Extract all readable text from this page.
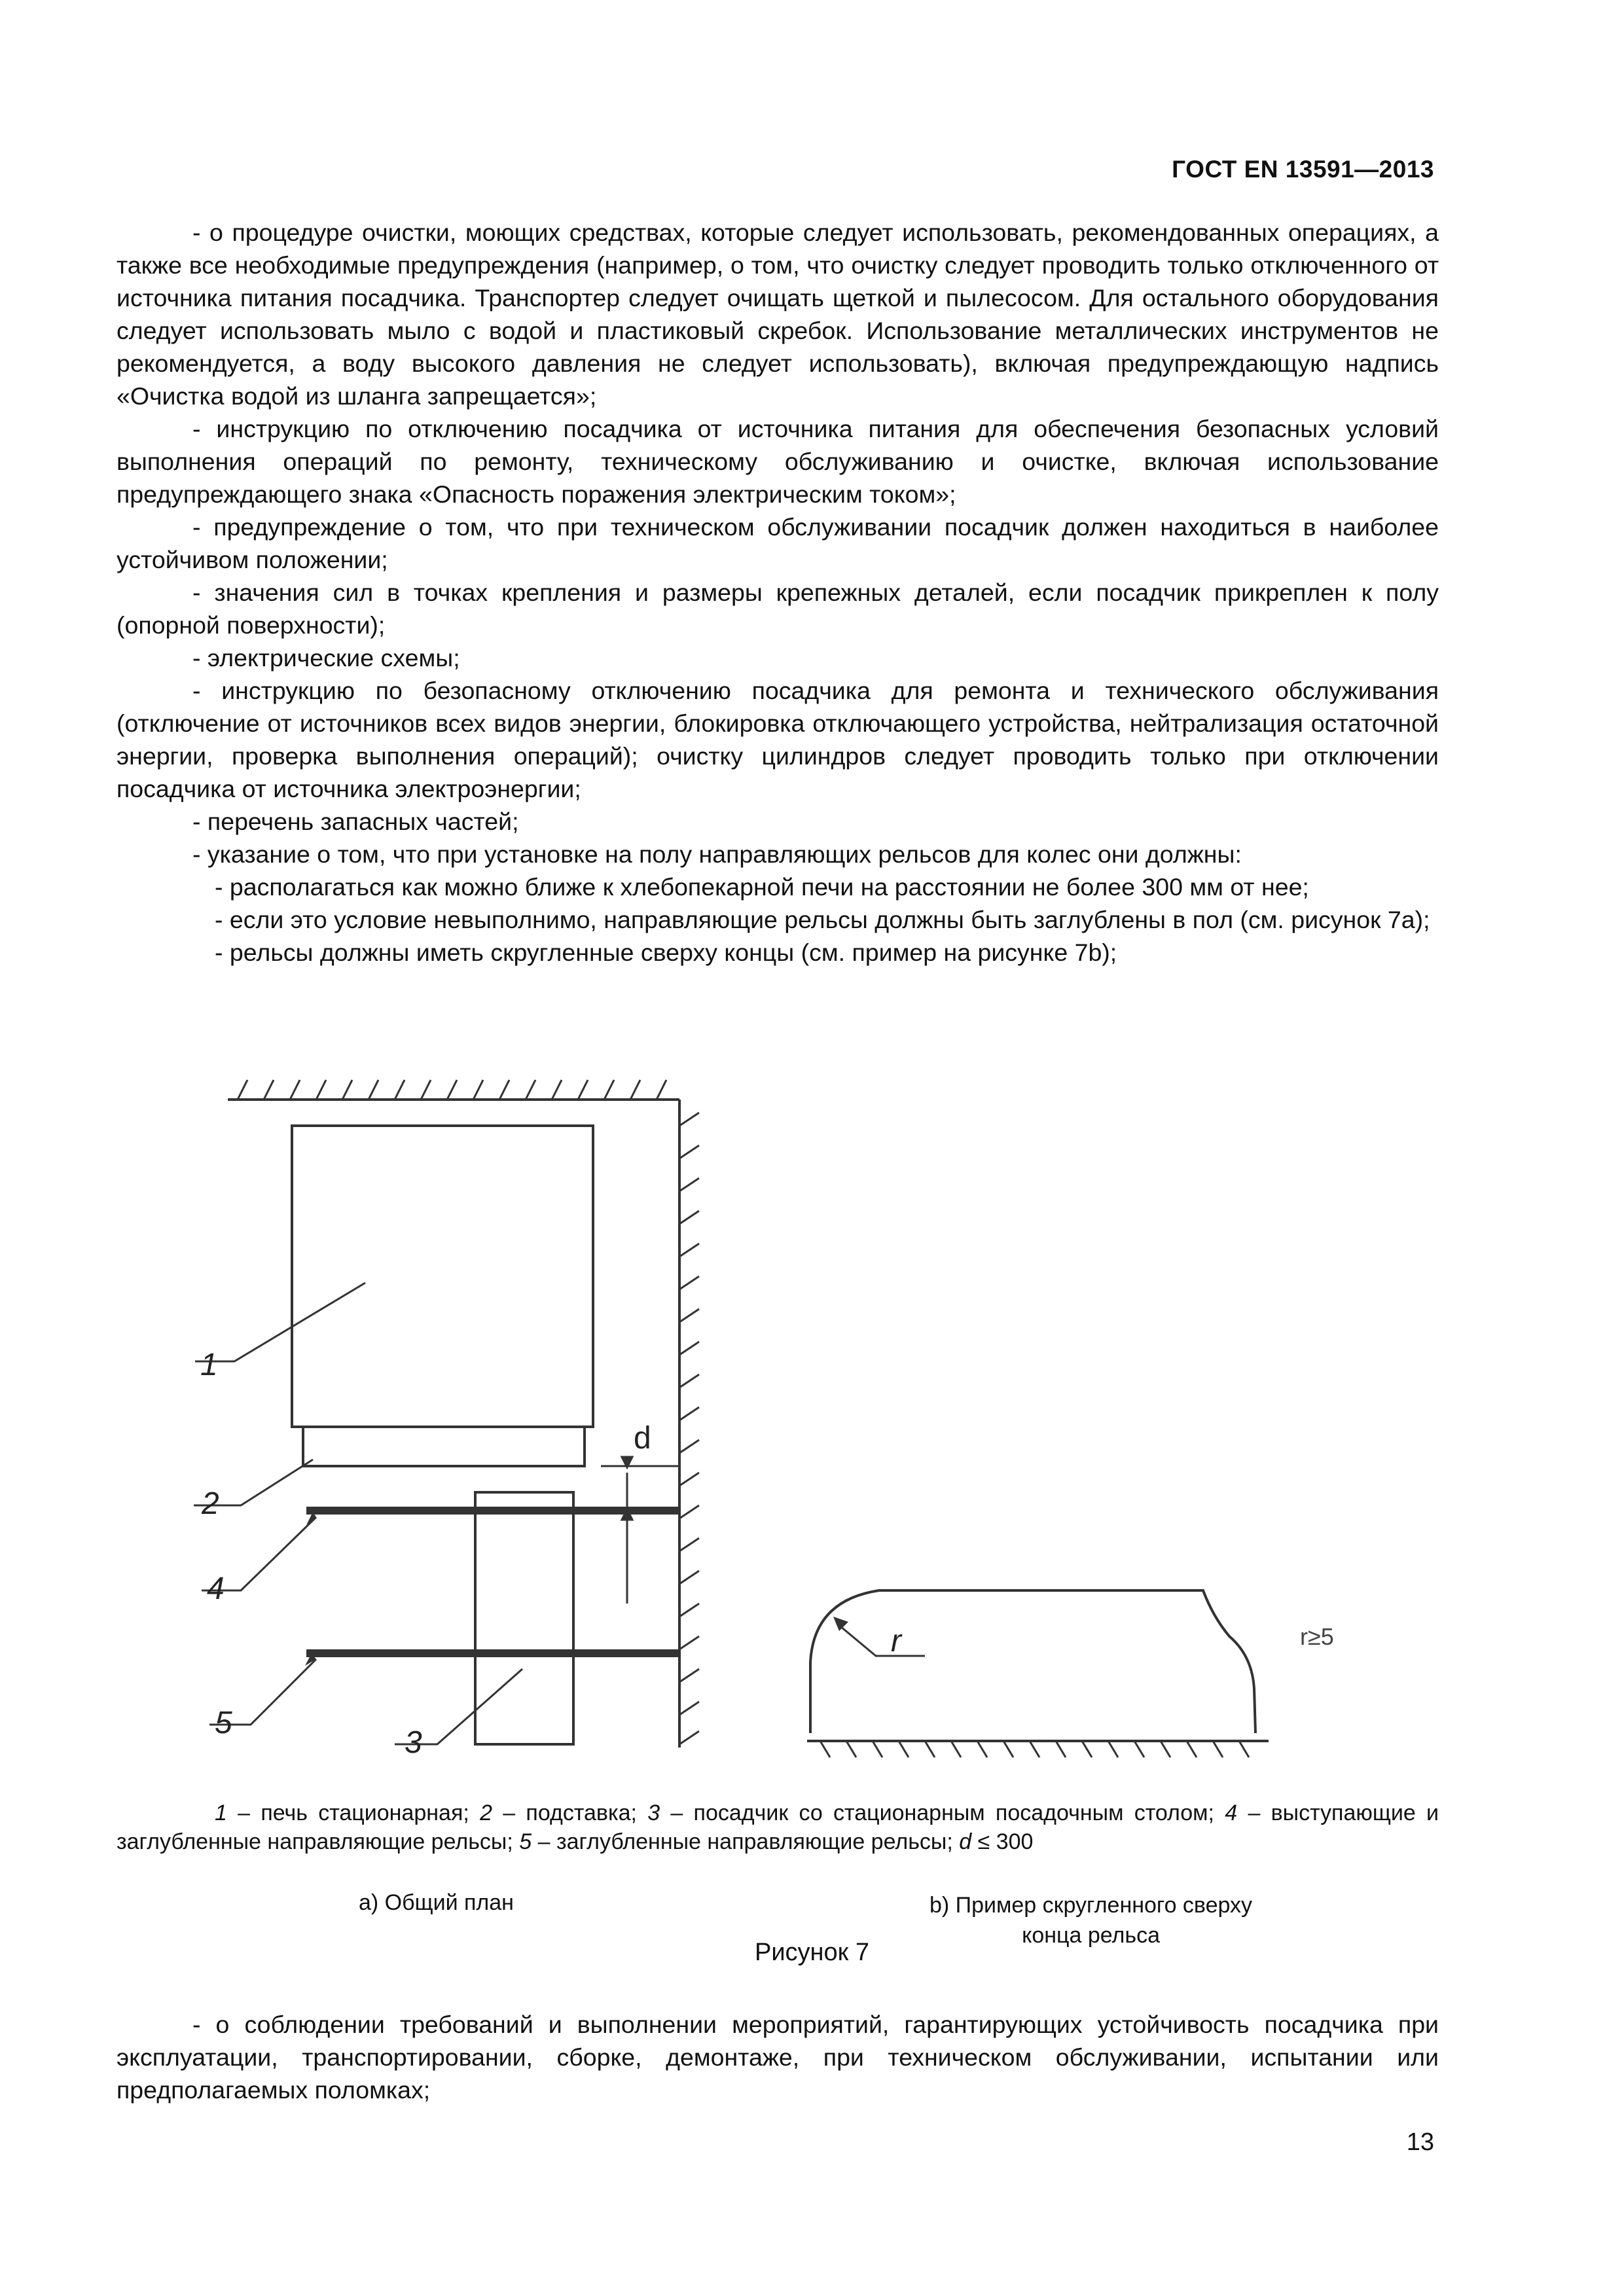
ГОСТ EN 13591—2013

- о процедуре очистки, моющих средствах, которые следует использовать, рекомендованных операциях, а также все необходимые предупреждения (например, о том, что очистку следует проводить только отключенного от источника питания посадчика. Транспортер следует очищать щеткой и пылесосом. Для остального оборудования следует использовать мыло с водой и пластиковый скребок. Использование металлических инструментов не рекомендуется, а воду высокого давления не следует использовать), включая предупреждающую надпись «Очистка водой из шланга запрещается»;

- инструкцию по отключению посадчика от источника питания для обеспечения безопасных условий выполнения операций по ремонту, техническому обслуживанию и очистке, включая использование предупреждающего знака «Опасность поражения электрическим током»;

- предупреждение о том, что при техническом обслуживании посадчик должен находиться в наиболее устойчивом положении;

- значения сил в точках крепления и размеры крепежных деталей, если посадчик прикреплен к полу (опорной поверхности);

- электрические схемы;

- инструкцию по безопасному отключению посадчика для ремонта и технического обслуживания (отключение от источников всех видов энергии, блокировка отключающего устройства, нейтрализация остаточной энергии, проверка выполнения операций); очистку цилиндров следует проводить только при отключении посадчика от источника электроэнергии;

- перечень запасных частей;

- указание о том, что при установке на полу направляющих рельсов для колес они должны:

- располагаться как можно ближе к хлебопекарной печи на расстоянии не более 300 мм от нее;

- если это условие невыполнимо, направляющие рельсы должны быть заглублены в пол (см. рисунок 7а);

- рельсы должны иметь скругленные сверху концы (см. пример на рисунке 7b);

1
2
4
5
3
d
r	r≥5

1 – печь стационарная; 2 – подставка; 3 – посадчик со стационарным посадочным столом; 4 – выступающие и заглубленные направляющие рельсы; 5 – заглубленные направляющие рельсы; d ≤ 300

а) Общий план	b) Пример скругленного сверху
конца рельса
Рисунок 7

- о соблюдении требований и выполнении мероприятий, гарантирующих устойчивость посадчика при эксплуатации, транспортировании, сборке, демонтаже, при техническом обслуживании, испытании или предполагаемых поломках;

13
